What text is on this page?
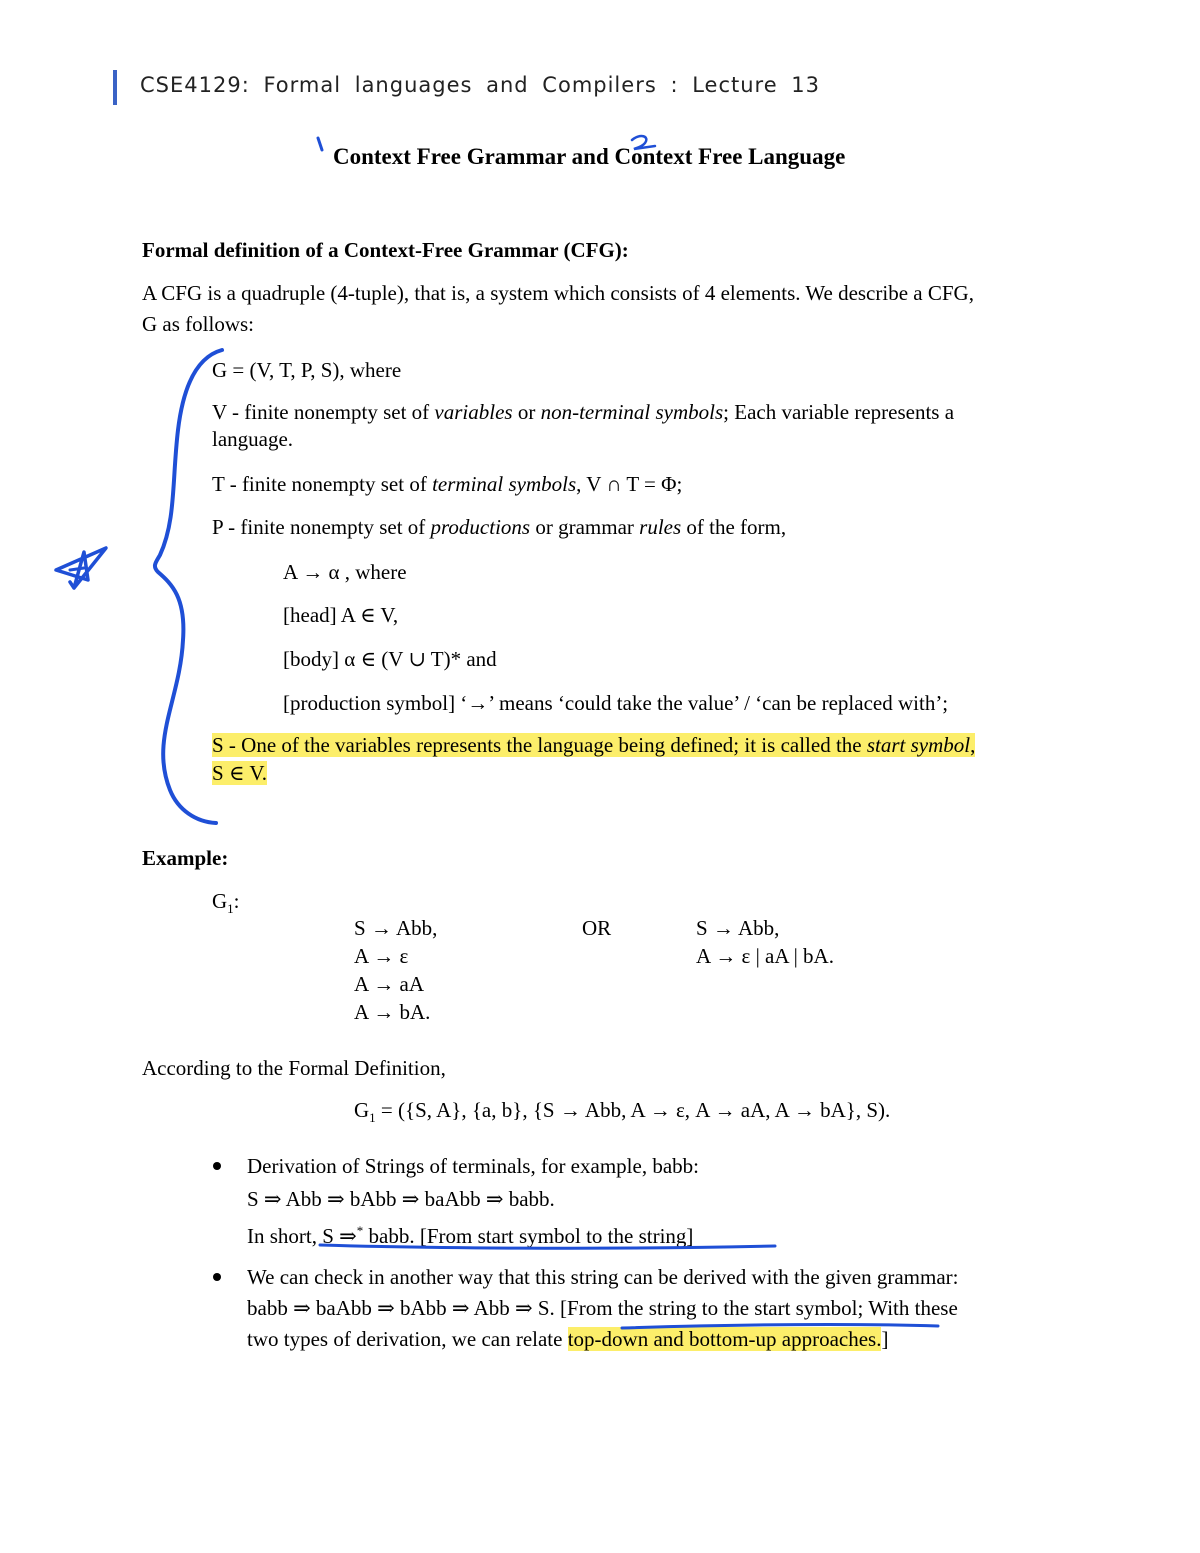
CSE4129: Formal languages and Compilers : Lecture 13
Context Free Grammar and Context Free Language
Formal definition of a Context-Free Grammar (CFG):
A CFG is a quadruple (4-tuple), that is, a system which consists of 4 elements. We describe a CFG,
G as follows:
G = (V, T, P, S), where
V - finite nonempty set of variables or non-terminal symbols; Each variable represents a
language.
T - finite nonempty set of terminal symbols, V ∩ T = Φ;
P - finite nonempty set of productions or grammar rules of the form,
A → α , where
[head] A ∈ V,
[body] α ∈ (V ∪ T)* and
[production symbol] ‘→’ means ‘could take the value’ / ‘can be replaced with’;
S - One of the variables represents the language being defined; it is called the start symbol,
S ∈ V.
Example:
$G_1$:
S → Abb,
A → ε
A → aA
A → bA.
OR	S → Abb,
A → ε | aA | bA.
According to the Formal Definition,
$G_1 = (\{S$, A}, {a, b}, {S → Abb, A → ε, A → aA, A → bA}, S).
Derivation of Strings of terminals, for example, babb:
S ⇒ Abb ⇒ bAbb ⇒ baAbb ⇒ babb.
In short, S ⇒* babb. [From start symbol to the string]
We can check in another way that this string can be derived with the given grammar:
babb ⇒ baAbb ⇒ bAbb ⇒ Abb ⇒ S. [From the string to the start symbol; With these
two types of derivation, we can relate top-down and bottom-up approaches.]
